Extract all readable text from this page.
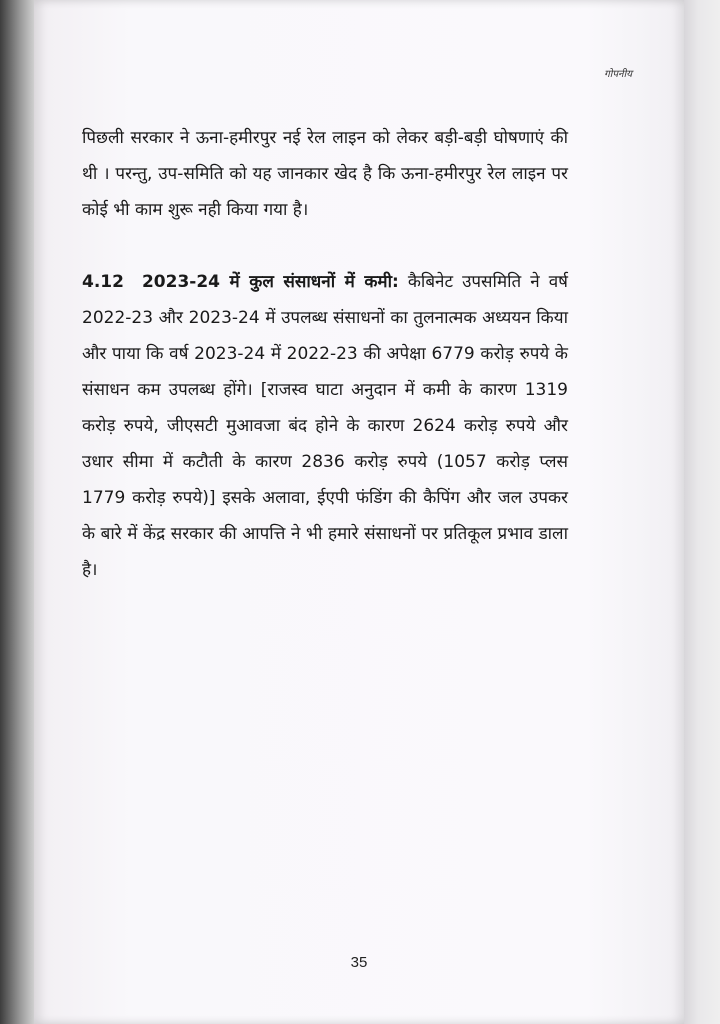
गोपनीय

पिछली सरकार ने ऊना-हमीरपुर नई रेल लाइन को लेकर बड़ी-बड़ी घोषणाएं की थी । परन्तु, उप-समिति को यह जानकार खेद है कि ऊना-हमीरपुर रेल लाइन पर कोई भी काम शुरू नही किया गया है।

4.12 2023-24 में कुल संसाधनों में कमी: कैबिनेट उपसमिति ने वर्ष 2022-23 और 2023-24 में उपलब्ध संसाधनों का तुलनात्मक अध्ययन किया और पाया कि वर्ष 2023-24 में 2022-23 की अपेक्षा 6779 करोड़ रुपये के संसाधन कम उपलब्ध होंगे। [राजस्व घाटा अनुदान में कमी के कारण 1319 करोड़ रुपये, जीएसटी मुआवजा बंद होने के कारण 2624 करोड़ रुपये और उधार सीमा में कटौती के कारण 2836 करोड़ रुपये (1057 करोड़ प्लस 1779 करोड़ रुपये)] इसके अलावा, ईएपी फंडिंग की कैपिंग और जल उपकर के बारे में केंद्र सरकार की आपत्ति ने भी हमारे संसाधनों पर प्रतिकूल प्रभाव डाला है।

35
